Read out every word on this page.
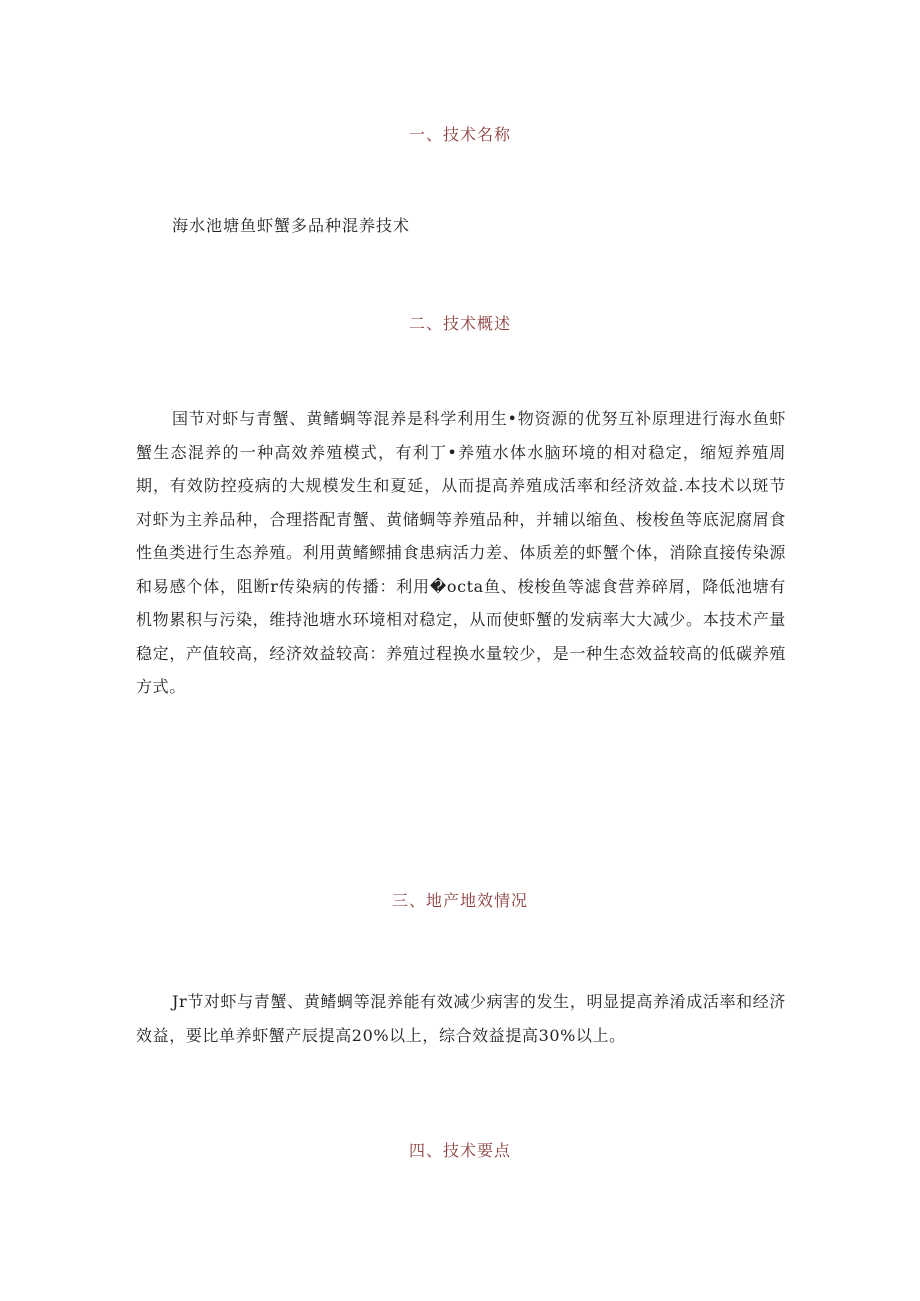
一、技术名称
海水池塘鱼虾蟹多品种混养技术
二、技术概述

国节对虾与青蟹、黄鳍蜩等混养是科学利用生•物资源的优努互补原理进行海水鱼虾蟹生态混养的一种高效养殖模式，有利丁•养殖水体水脑环境的相对稳定，缩短养殖周期，有效防控疫病的大规模发生和夏延，从而提高养殖成活率和经济效益.本技术以斑节对虾为主养品种，合理搭配青蟹、黄储蜩等养殖品种，并辅以缩鱼、梭梭鱼等底泥腐屑食性鱼类进行生态养殖。利用黄鳍鳏捕食患病活力差、体质差的虾蟹个体，消除直接传染源和易感个体，阻断r传染病的传播：利用�octa鱼、梭梭鱼等滤食营养碎屑，降低池塘有机物累积与污染，维持池塘水环境相对稳定，从而使虾蟹的发病率大大减少。本技术产量稳定，产值较高，经济效益较高：养殖过程换水量较少，是一种生态效益较高的低碳养殖方式。

三、地产地效情况

Jr节对虾与青蟹、黄鳍蜩等混养能有效减少病害的发生，明显提高养淆成活率和经济效益，要比单养虾蟹产辰提高20%以上，综合效益提高30%以上。

四、技术要点
